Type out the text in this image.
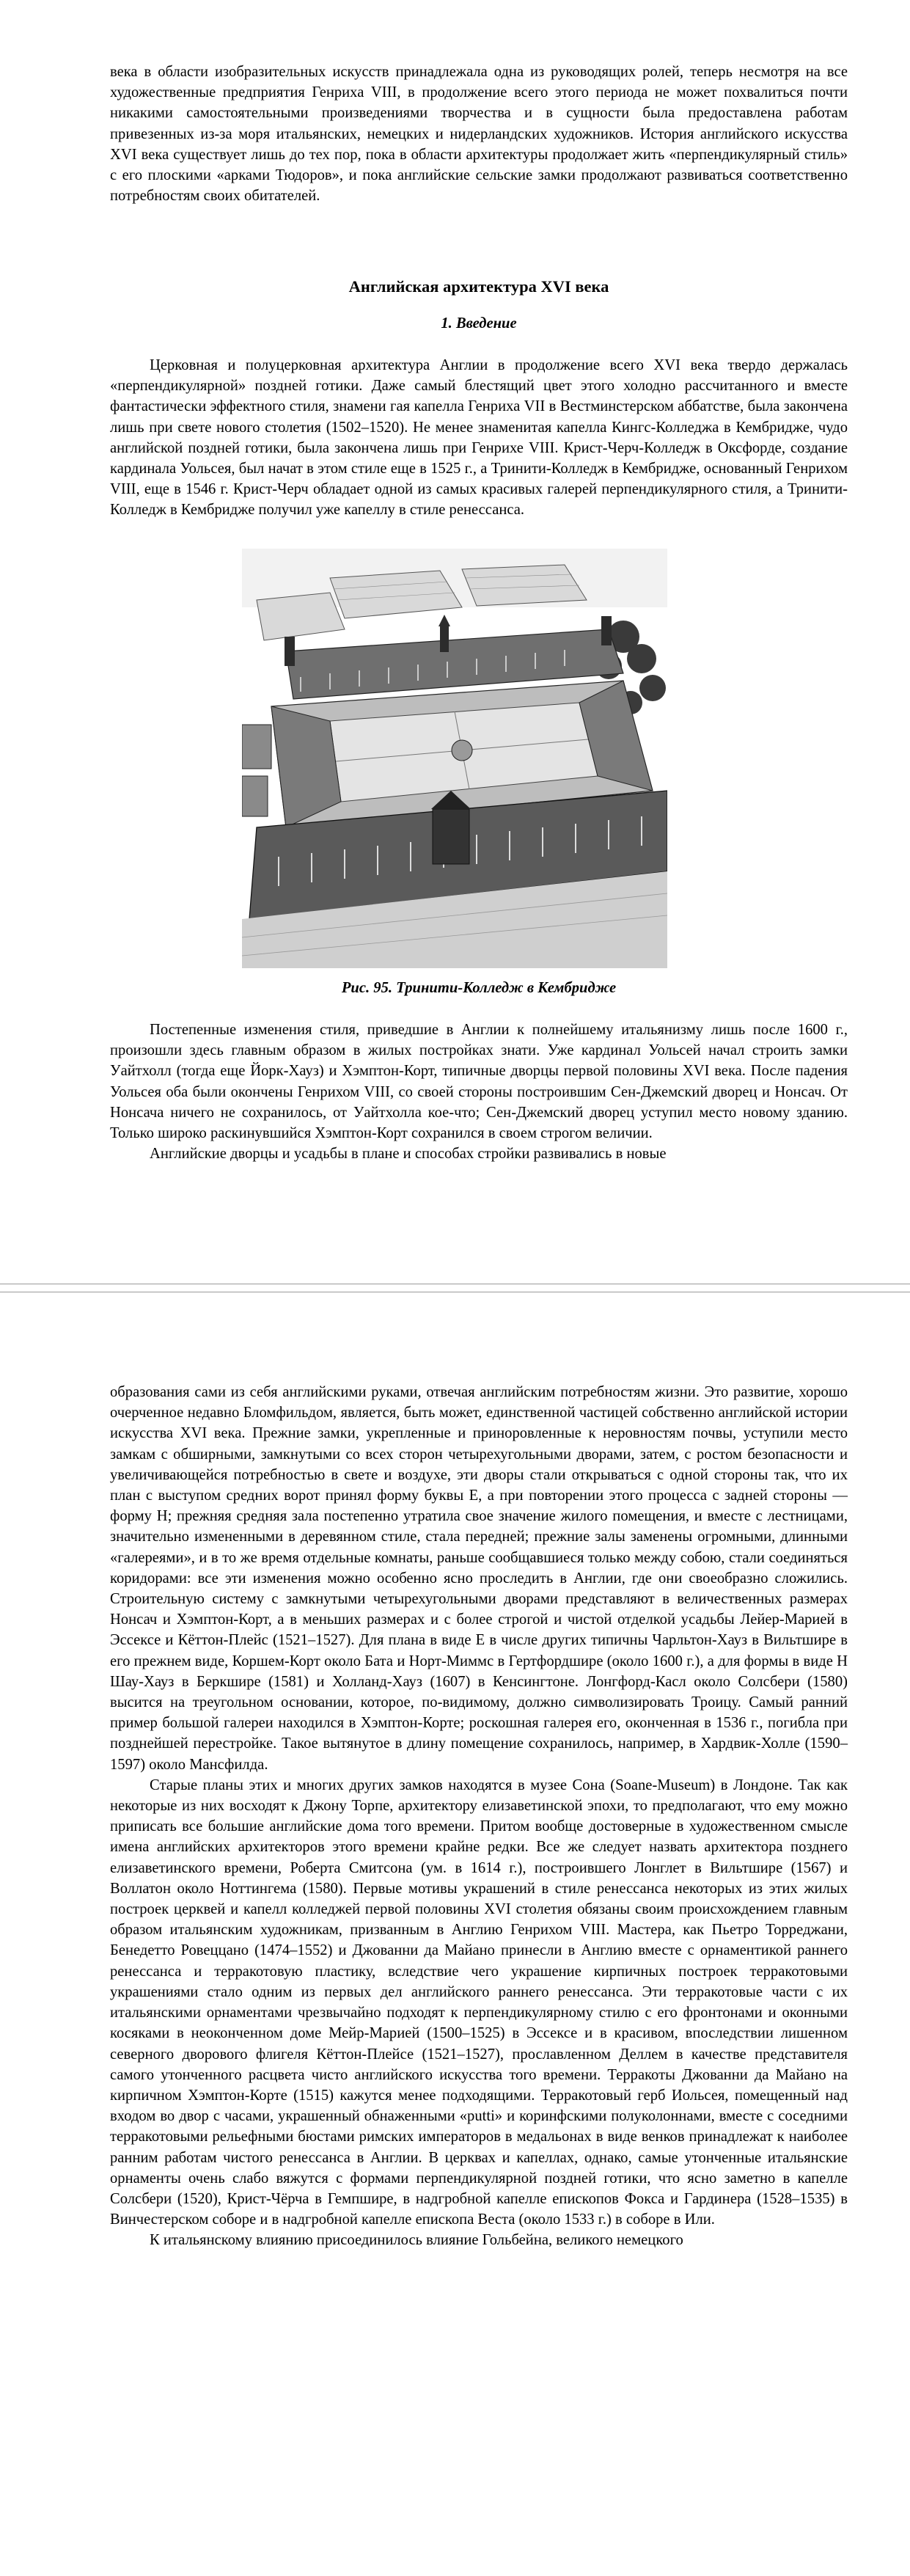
века в области изобразительных искусств принадлежала одна из руководящих ролей, теперь несмотря на все художественные предприятия Генриха VIII, в продолжение всего этого периода не может похвалиться почти никакими самостоятельными произведениями творчества и в сущности была предоставлена работам привезенных из-за моря итальянских, немецких и нидерландских художников. История английского искусства XVI века существует лишь до тех пор, пока в области архитектуры продолжает жить «перпендикулярный стиль» с его плоскими «арками Тюдоров», и пока английские сельские замки продолжают развиваться соответственно потребностям своих обитателей.

Английская архитектура XVI века
1. Введение

Церковная и полуцерковная архитектура Англии в продолжение всего XVI века твердо держалась «перпендикулярной» поздней готики. Даже самый блестящий цвет этого холодно рассчитанного и вместе фантастически эффектного стиля, знамени гая капелла Генриха VII в Вестминстерском аббатстве, была закончена лишь при свете нового столетия (1502–1520). Не менее знаменитая капелла Кингс-Колледжа в Кембридже, чудо английской поздней готики, была закончена лишь при Генрихе VIII. Крист-Черч-Колледж в Оксфорде, создание кардинала Уольсея, был начат в этом стиле еще в 1525 г., а Тринити-Колледж в Кембридже, основанный Генрихом VIII, еще в 1546 г. Крист-Черч обладает одной из самых красивых галерей перпендикулярного стиля, а Тринити-Колледж в Кембридже получил уже капеллу в стиле ренессанса.

Рис. 95. Тринити-Колледж в Кембридже

Постепенные изменения стиля, приведшие в Англии к полнейшему итальянизму лишь после 1600 г., произошли здесь главным образом в жилых постройках знати. Уже кардинал Уольсей начал строить замки Уайтхолл (тогда еще Йорк-Хауз) и Хэмптон-Корт, типичные дворцы первой половины XVI века. После падения Уольсея оба были окончены Генрихом VIII, со своей стороны построившим Сен-Джемский дворец и Нонсач. От Нонсача ничего не сохранилось, от Уайтхолла кое-что; Сен-Джемский дворец уступил место новому зданию. Только широко раскинувшийся Хэмптон-Корт сохранился в своем строгом величии.

Английские дворцы и усадьбы в плане и способах стройки развивались в новые

образования сами из себя английскими руками, отвечая английским потребностям жизни. Это развитие, хорошо очерченное недавно Бломфильдом, является, быть может, единственной частицей собственно английской истории искусства XVI века. Прежние замки, укрепленные и приноровленные к неровностям почвы, уступили место замкам с обширными, замкнутыми со всех сторон четырехугольными дворами, затем, с ростом безопасности и увеличивающейся потребностью в свете и воздухе, эти дворы стали открываться с одной стороны так, что их план с выступом средних ворот принял форму буквы Е, а при повторении этого процесса с задней стороны — форму Н; прежняя средняя зала постепенно утратила свое значение жилого помещения, и вместе с лестницами, значительно измененными в деревянном стиле, стала передней; прежние залы заменены огромными, длинными «галереями», и в то же время отдельные комнаты, раньше сообщавшиеся только между собою, стали соединяться коридорами: все эти изменения можно особенно ясно проследить в Англии, где они своеобразно сложились. Строительную систему с замкнутыми четырехугольными дворами представляют в величественных размерах Нонсач и Хэмптон-Корт, а в меньших размерах и с более строгой и чистой отделкой усадьбы Лейер-Марией в Эссексе и Кёттон-Плейс (1521–1527). Для плана в виде Е в числе других типичны Чарльтон-Хауз в Вильтшире в его прежнем виде, Коршем-Корт около Бата и Норт-Миммс в Гертфордшире (около 1600 г.), а для формы в виде Н Шау-Хауз в Беркшире (1581) и Холланд-Хауз (1607) в Кенсингтоне. Лонгфорд-Касл около Солсбери (1580) высится на треугольном основании, которое, по-видимому, должно символизировать Троицу. Самый ранний пример большой галереи находился в Хэмптон-Корте; роскошная галерея его, оконченная в 1536 г., погибла при позднейшей перестройке. Такое вытянутое в длину помещение сохранилось, например, в Хардвик-Холле (1590–1597) около Мансфилда.

Старые планы этих и многих других замков находятся в музее Сона (Soane-Museum) в Лондоне. Так как некоторые из них восходят к Джону Торпе, архитектору елизаветинской эпохи, то предполагают, что ему можно приписать все большие английские дома того времени. Притом вообще достоверные в художественном смысле имена английских архитекторов этого времени крайне редки. Все же следует назвать архитектора позднего елизаветинского времени, Роберта Смитсона (ум. в 1614 г.), построившего Лонглет в Вильтшире (1567) и Воллатон около Ноттингема (1580). Первые мотивы украшений в стиле ренессанса некоторых из этих жилых построек церквей и капелл колледжей первой половины XVI столетия обязаны своим происхождением главным образом итальянским художникам, призванным в Англию Генрихом VIII. Мастера, как Пьетро Торреджани, Бенедетто Ровеццано (1474–1552) и Джованни да Майано принесли в Англию вместе с орнаментикой раннего ренессанса и терракотовую пластику, вследствие чего украшение кирпичных построек терракотовыми украшениями стало одним из первых дел английского раннего ренессанса. Эти терракотовые части с их итальянскими орнаментами чрезвычайно подходят к перпендикулярному стилю с его фронтонами и оконными косяками в неоконченном доме Мейр-Марией (1500–1525) в Эссексе и в красивом, впоследствии лишенном северного дворового флигеля Кёттон-Плейсе (1521–1527), прославленном Деллем в качестве представителя самого утонченного расцвета чисто английского искусства того времени. Терракоты Джованни да Майано на кирпичном Хэмптон-Корте (1515) кажутся менее подходящими. Терракотовый герб Иольсея, помещенный над входом во двор с часами, украшенный обнаженными «putti» и коринфскими полуколоннами, вместе с соседними терракотовыми рельефными бюстами римских императоров в медальонах в виде венков принадлежат к наиболее ранним работам чистого ренессанса в Англии. В церквах и капеллах, однако, самые утонченные итальянские орнаменты очень слабо вяжутся с формами перпендикулярной поздней готики, что ясно заметно в капелле Солсбери (1520), Крист-Чёрча в Гемпшире, в надгробной капелле епископов Фокса и Гардинера (1528–1535) в Винчестерском соборе и в надгробной капелле епископа Веста (около 1533 г.) в соборе в Или.

К итальянскому влиянию присоединилось влияние Гольбейна, великого немецкого
